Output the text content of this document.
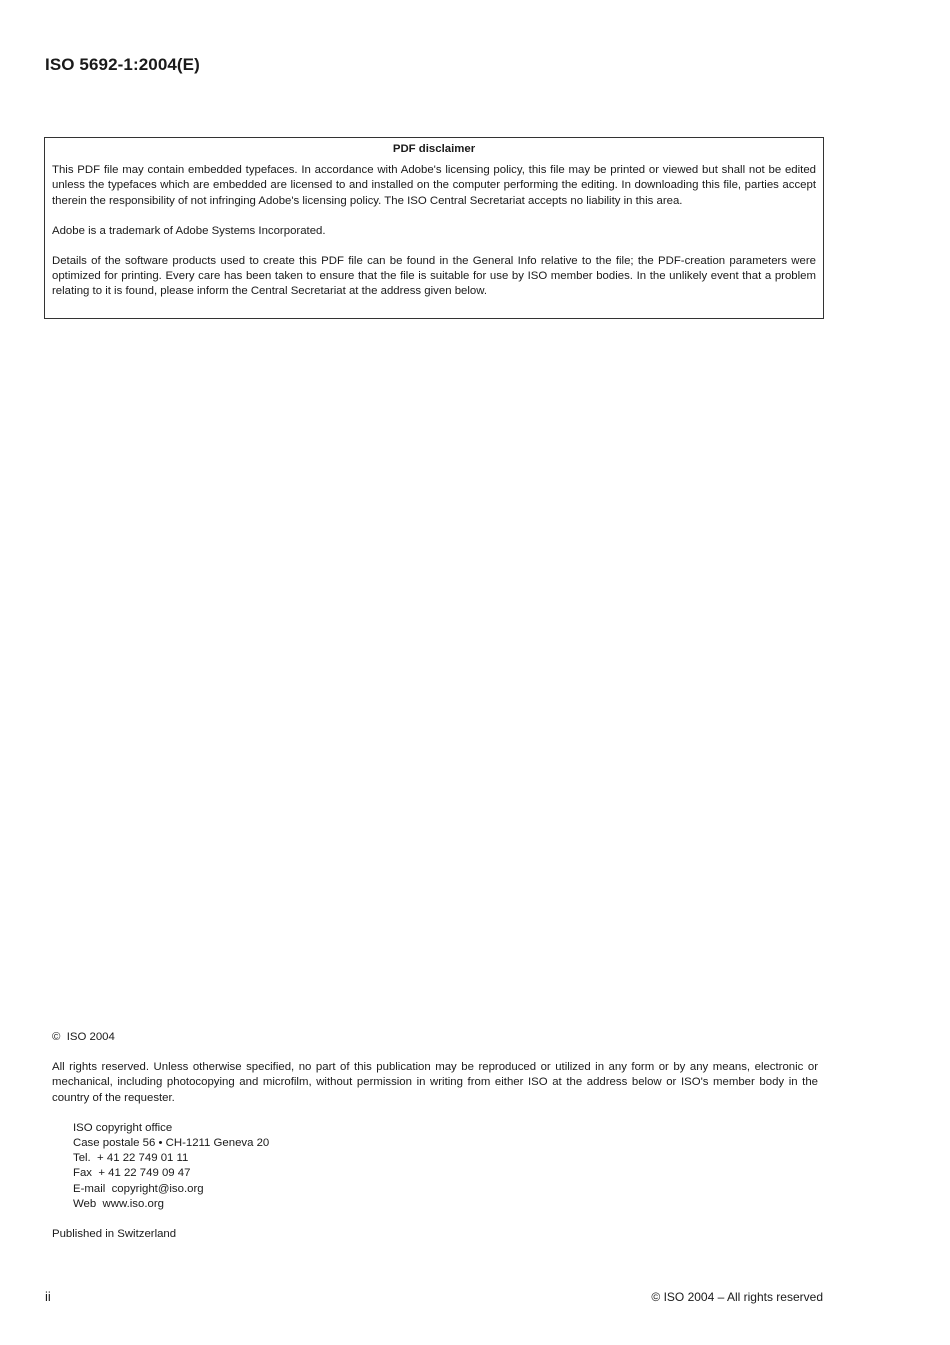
ISO 5692-1:2004(E)
PDF disclaimer

This PDF file may contain embedded typefaces. In accordance with Adobe's licensing policy, this file may be printed or viewed but shall not be edited unless the typefaces which are embedded are licensed to and installed on the computer performing the editing. In downloading this file, parties accept therein the responsibility of not infringing Adobe's licensing policy. The ISO Central Secretariat accepts no liability in this area.

Adobe is a trademark of Adobe Systems Incorporated.

Details of the software products used to create this PDF file can be found in the General Info relative to the file; the PDF-creation parameters were optimized for printing. Every care has been taken to ensure that the file is suitable for use by ISO member bodies. In the unlikely event that a problem relating to it is found, please inform the Central Secretariat at the address given below.

©  ISO 2004

All rights reserved. Unless otherwise specified, no part of this publication may be reproduced or utilized in any form or by any means, electronic or mechanical, including photocopying and microfilm, without permission in writing from either ISO at the address below or ISO's member body in the country of the requester.

ISO copyright office
Case postale 56 • CH-1211 Geneva 20
Tel.  + 41 22 749 01 11
Fax  + 41 22 749 09 47
E-mail  copyright@iso.org
Web  www.iso.org

Published in Switzerland

ii	© ISO 2004 – All rights reserved
